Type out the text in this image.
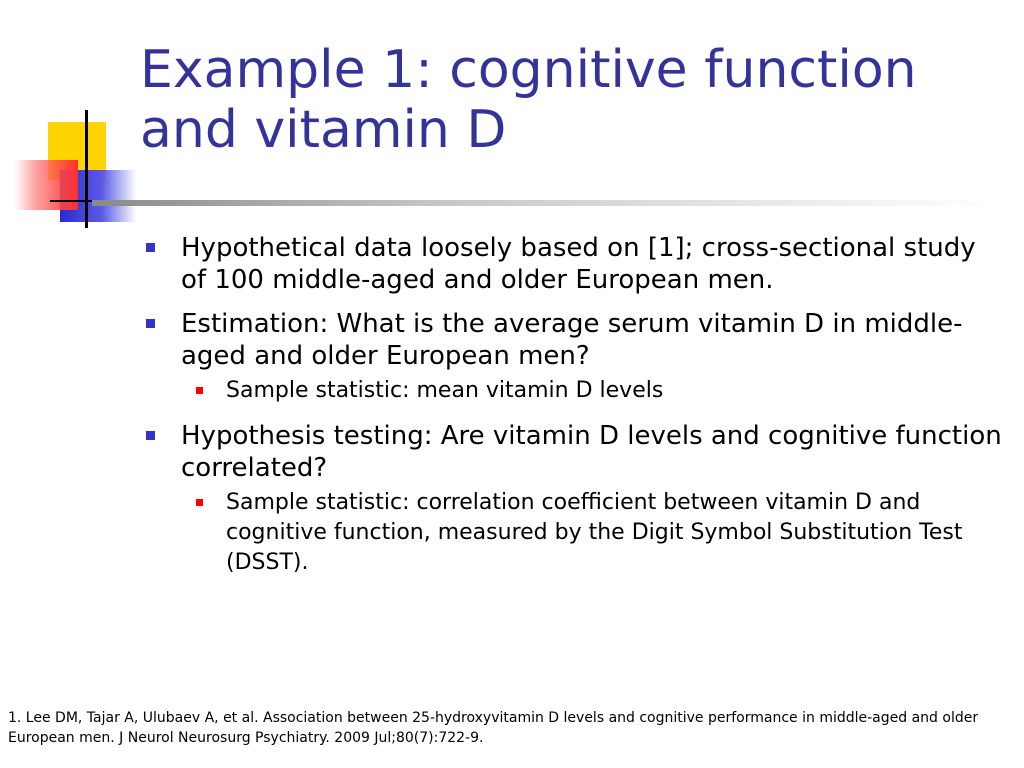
Example 1: cognitive function and vitamin D
Hypothetical data loosely based on [1]; cross-sectional study of 100 middle-aged and older European men.
Estimation: What is the average serum vitamin D in middle-aged and older European men?
Sample statistic: mean vitamin D levels
Hypothesis testing: Are vitamin D levels and cognitive function correlated?
Sample statistic: correlation coefficient between vitamin D and cognitive function, measured by the Digit Symbol Substitution Test (DSST).
1. Lee DM, Tajar A, Ulubaev A, et al. Association between 25-hydroxyvitamin D levels and cognitive performance in middle-aged and older European men. J Neurol Neurosurg Psychiatry. 2009 Jul;80(7):722-9.
